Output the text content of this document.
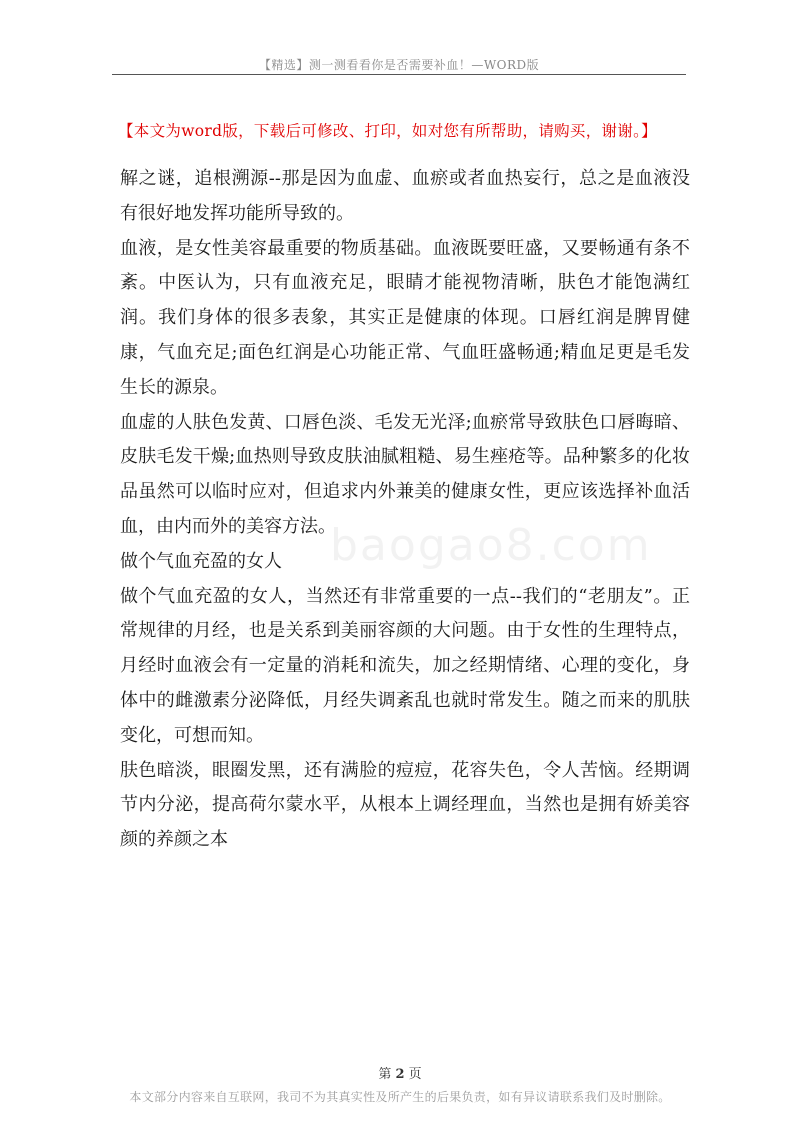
【精选】测一测看看你是否需要补血！—WORD版
【本文为word版，下载后可修改、打印，如对您有所帮助，请购买，谢谢。】
baogao8.com

解之谜，追根溯源--那是因为血虚、血瘀或者血热妄行，总之是血液没有很好地发挥功能所导致的。

血液，是女性美容最重要的物质基础。血液既要旺盛，又要畅通有条不紊。中医认为，只有血液充足，眼睛才能视物清晰，肤色才能饱满红润。我们身体的很多表象，其实正是健康的体现。口唇红润是脾胃健康，气血充足;面色红润是心功能正常、气血旺盛畅通;精血足更是毛发生长的源泉。

血虚的人肤色发黄、口唇色淡、毛发无光泽;血瘀常导致肤色口唇晦暗、皮肤毛发干燥;血热则导致皮肤油腻粗糙、易生痤疮等。品种繁多的化妆品虽然可以临时应对，但追求内外兼美的健康女性，更应该选择补血活血，由内而外的美容方法。

做个气血充盈的女人

做个气血充盈的女人，当然还有非常重要的一点--我们的“老朋友”。正常规律的月经，也是关系到美丽容颜的大问题。由于女性的生理特点，月经时血液会有一定量的消耗和流失，加之经期情绪、心理的变化，身体中的雌激素分泌降低，月经失调紊乱也就时常发生。随之而来的肌肤变化，可想而知。

肤色暗淡，眼圈发黑，还有满脸的痘痘，花容失色，令人苦恼。经期调节内分泌，提高荷尔蒙水平，从根本上调经理血，当然也是拥有娇美容颜的养颜之本

第 2 页
本文部分内容来自互联网，我司不为其真实性及所产生的后果负责，如有异议请联系我们及时删除。
